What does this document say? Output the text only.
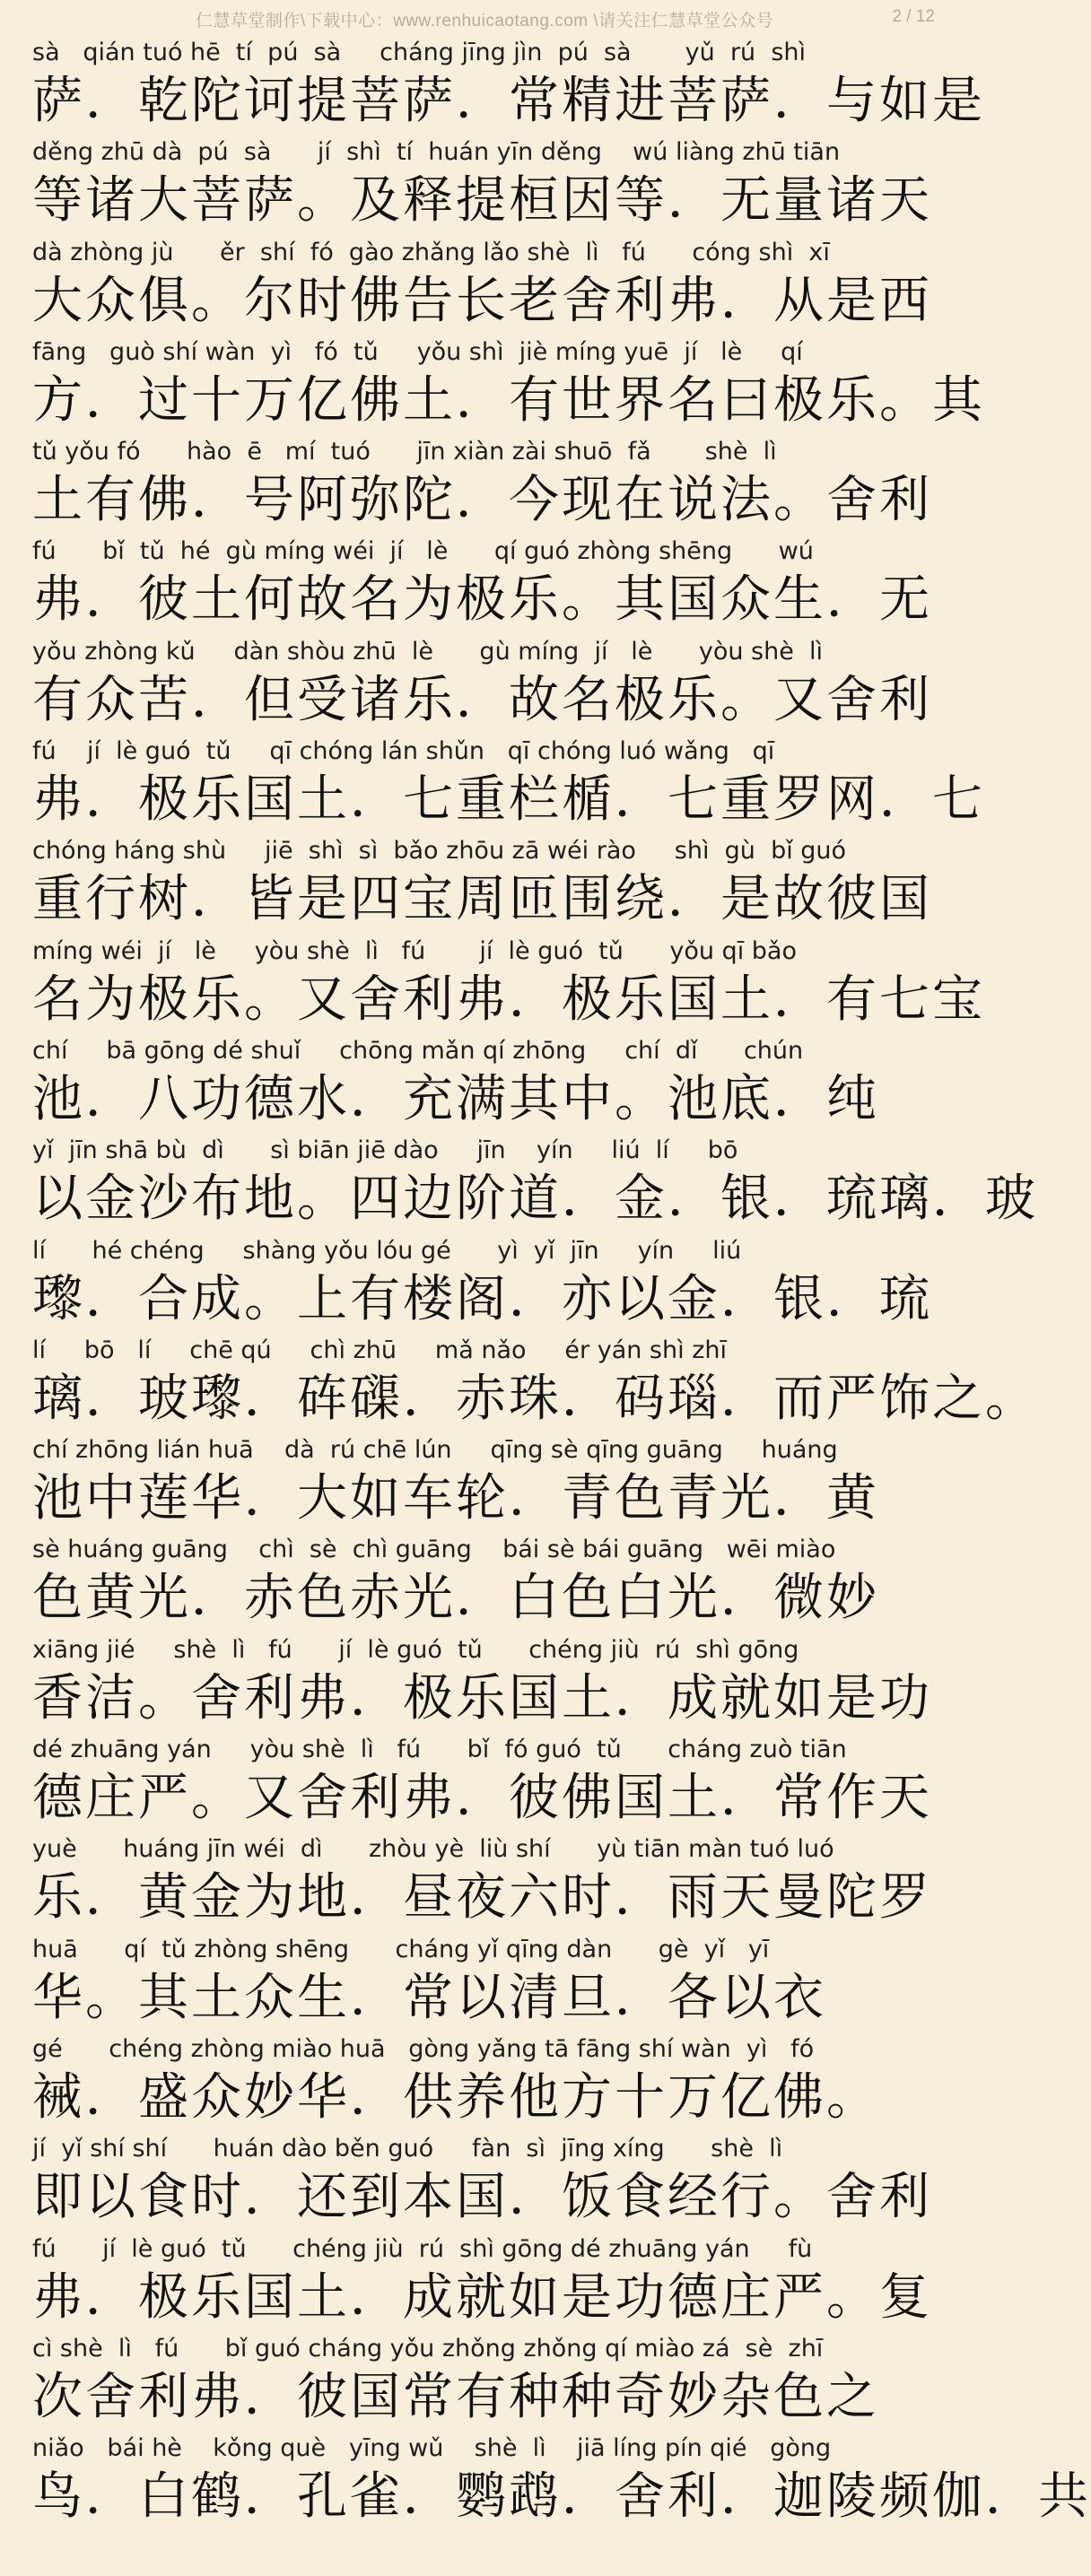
仁慧草堂制作\下载中心：www.renhuicaotang.com \请关注仁慧草堂公众号	2 / 12
sà   qián tuó hē  tí  pú  sà     cháng jīng jìn  pú  sà       yǔ  rú  shì
萨．乾陀诃提菩萨．常精进菩萨．与如是
děng zhū dà  pú  sà      jí  shì  tí  huán yīn děng    wú liàng zhū tiān
等诸大菩萨。及释提桓因等．无量诸天
dà zhòng jù      ěr  shí  fó  gào zhǎng lǎo shè  lì   fú      cóng shì  xī
大众俱。尔时佛告长老舍利弗．从是西
fāng   guò shí wàn  yì   fó  tǔ     yǒu shì  jiè míng yuē  jí   lè     qí
方．过十万亿佛土．有世界名曰极乐。其
tǔ yǒu fó      hào  ē   mí  tuó      jīn xiàn zài shuō  fǎ       shè  lì
土有佛．号阿弥陀．今现在说法。舍利
fú      bǐ  tǔ  hé  gù míng wéi  jí   lè      qí guó zhòng shēng      wú
弗．彼土何故名为极乐。其国众生．无
yǒu zhòng kǔ     dàn shòu zhū  lè      gù míng  jí   lè      yòu shè  lì
有众苦．但受诸乐．故名极乐。又舍利
fú    jí  lè guó  tǔ     qī chóng lán shǔn   qī chóng luó wǎng   qī
弗．极乐国土．七重栏楯．七重罗网．七
chóng háng shù     jiē  shì  sì  bǎo zhōu zā wéi rào     shì  gù  bǐ guó
重行树．皆是四宝周匝围绕．是故彼国
míng wéi  jí   lè     yòu shè  lì   fú       jí  lè guó  tǔ      yǒu qī bǎo
名为极乐。又舍利弗．极乐国土．有七宝
chí     bā gōng dé shuǐ     chōng mǎn qí zhōng     chí  dǐ      chún
池．八功德水．充满其中。池底．纯
yǐ  jīn shā bù  dì      sì biān jiē dào     jīn    yín     liú  lí     bō
以金沙布地。四边阶道．金．银．琉璃．玻
lí      hé chéng     shàng yǒu lóu gé      yì  yǐ  jīn     yín     liú
瓈．合成。上有楼阁．亦以金．银．琉
lí     bō   lí     chē qú     chì zhū     mǎ nǎo     ér yán shì zhī
璃．玻瓈．砗磲．赤珠．码瑙．而严饰之。
chí zhōng lián huā    dà  rú chē lún     qīng sè qīng guāng     huáng
池中莲华．大如车轮．青色青光．黄
sè huáng guāng    chì  sè  chì guāng    bái sè bái guāng   wēi miào
色黄光．赤色赤光．白色白光．微妙
xiāng jié     shè  lì   fú      jí  lè guó  tǔ      chéng jiù  rú  shì gōng
香洁。舍利弗．极乐国土．成就如是功
dé zhuāng yán     yòu shè  lì   fú      bǐ  fó guó  tǔ      cháng zuò tiān
德庄严。又舍利弗．彼佛国土．常作天
yuè      huáng jīn wéi  dì      zhòu yè  liù shí      yù tiān màn tuó luó
乐．黄金为地．昼夜六时．雨天曼陀罗
huā      qí  tǔ zhòng shēng      cháng yǐ qīng dàn      gè  yǐ   yī
华。其土众生．常以清旦．各以衣
gé      chéng zhòng miào huā   gòng yǎng tā fāng shí wàn  yì   fó
裓．盛众妙华．供养他方十万亿佛。
jí  yǐ shí shí      huán dào běn guó     fàn  sì  jīng xíng      shè  lì
即以食时．还到本国．饭食经行。舍利
fú      jí  lè guó  tǔ      chéng jiù  rú  shì gōng dé zhuāng yán     fù
弗．极乐国土．成就如是功德庄严。复
cì shè  lì   fú      bǐ guó cháng yǒu zhǒng zhǒng qí miào zá  sè  zhī
次舍利弗．彼国常有种种奇妙杂色之
niǎo   bái hè    kǒng què   yīng wǔ    shè  lì    jiā líng pín qié   gòng
鸟．白鹤．孔雀．鹦鹉．舍利．迦陵频伽．共
